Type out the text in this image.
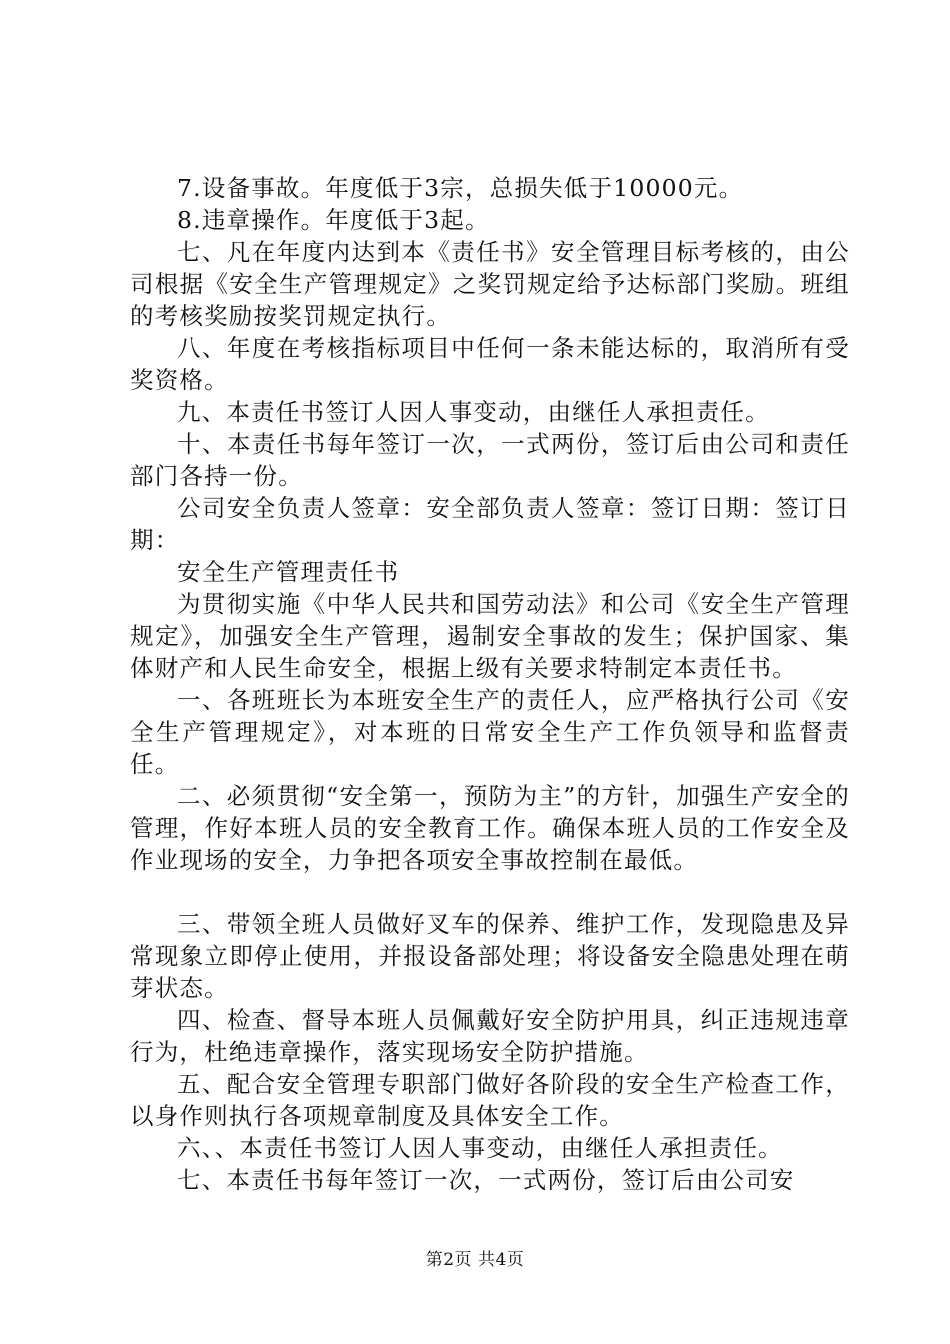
7.设备事故。年度低于3宗，总损失低于10000元。

8.违章操作。年度低于3起。

七、凡在年度内达到本《责任书》安全管理目标考核的，由公司根据《安全生产管理规定》之奖罚规定给予达标部门奖励。班组的考核奖励按奖罚规定执行。

八、年度在考核指标项目中任何一条未能达标的，取消所有受奖资格。

九、本责任书签订人因人事变动，由继任人承担责任。

十、本责任书每年签订一次，一式两份，签订后由公司和责任部门各持一份。

公司安全负责人签章：安全部负责人签章：签订日期：签订日期：

安全生产管理责任书

为贯彻实施《中华人民共和国劳动法》和公司《安全生产管理规定》，加强安全生产管理，遏制安全事故的发生；保护国家、集体财产和人民生命安全，根据上级有关要求特制定本责任书。

一、各班班长为本班安全生产的责任人，应严格执行公司《安全生产管理规定》，对本班的日常安全生产工作负领导和监督责任。

二、必须贯彻“安全第一，预防为主”的方针，加强生产安全的管理，作好本班人员的安全教育工作。确保本班人员的工作安全及作业现场的安全，力争把各项安全事故控制在最低。

三、带领全班人员做好叉车的保养、维护工作，发现隐患及异常现象立即停止使用，并报设备部处理；将设备安全隐患处理在萌芽状态。

四、检查、督导本班人员佩戴好安全防护用具，纠正违规违章行为，杜绝违章操作，落实现场安全防护措施。

五、配合安全管理专职部门做好各阶段的安全生产检查工作，以身作则执行各项规章制度及具体安全工作。

六、、本责任书签订人因人事变动，由继任人承担责任。

七、本责任书每年签订一次，一式两份，签订后由公司安

第2页 共4页
